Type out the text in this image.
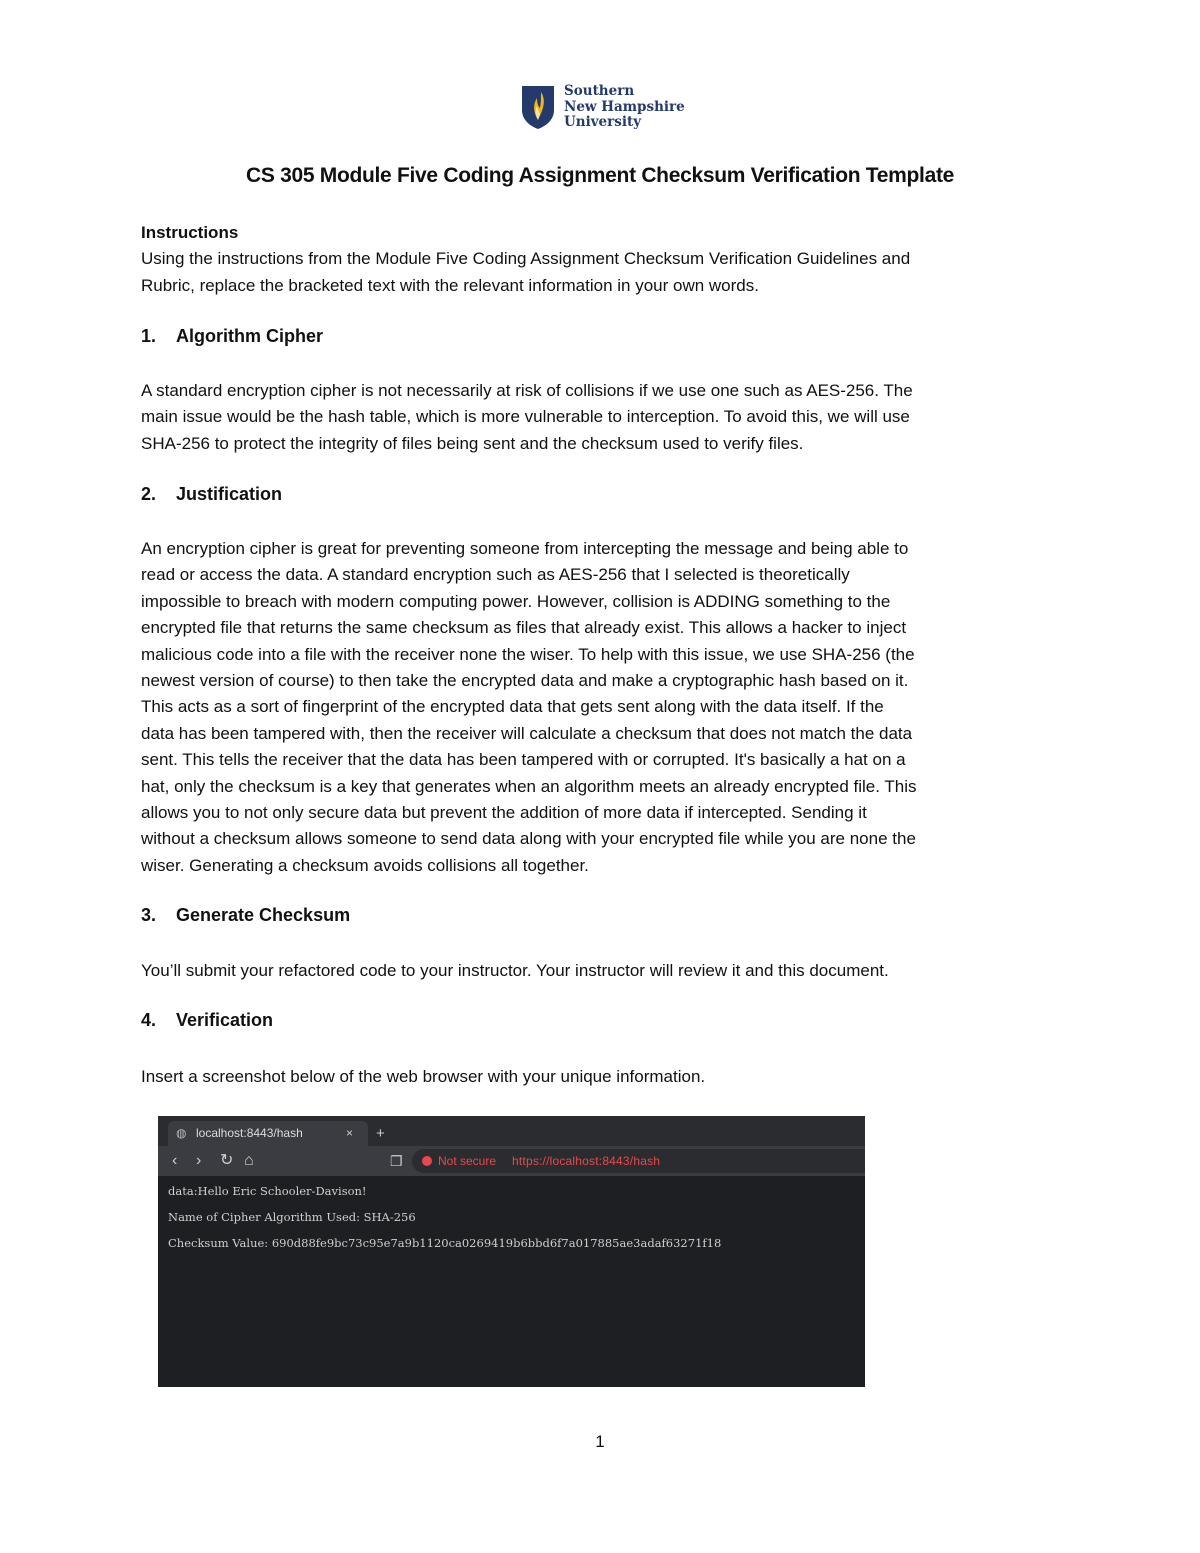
Southern
New Hampshire
University
CS 305 Module Five Coding Assignment Checksum Verification Template

Instructions

Using the instructions from the Module Five Coding Assignment Checksum Verification Guidelines and

Rubric, replace the bracketed text with the relevant information in your own words.

1. Algorithm Cipher

A standard encryption cipher is not necessarily at risk of collisions if we use one such as AES-256. The

main issue would be the hash table, which is more vulnerable to interception. To avoid this, we will use

SHA-256 to protect the integrity of files being sent and the checksum used to verify files.

2. Justification

An encryption cipher is great for preventing someone from intercepting the message and being able to

read or access the data. A standard encryption such as AES-256 that I selected is theoretically

impossible to breach with modern computing power. However, collision is ADDING something to the

encrypted file that returns the same checksum as files that already exist. This allows a hacker to inject

malicious code into a file with the receiver none the wiser. To help with this issue, we use SHA-256 (the

newest version of course) to then take the encrypted data and make a cryptographic hash based on it.

This acts as a sort of fingerprint of the encrypted data that gets sent along with the data itself. If the

data has been tampered with, then the receiver will calculate a checksum that does not match the data

sent. This tells the receiver that the data has been tampered with or corrupted. It's basically a hat on a

hat, only the checksum is a key that generates when an algorithm meets an already encrypted file. This

allows you to not only secure data but prevent the addition of more data if intercepted. Sending it

without a checksum allows someone to send data along with your encrypted file while you are none the

wiser. Generating a checksum avoids collisions all together.

3. Generate Checksum

You’ll submit your refactored code to your instructor. Your instructor will review it and this document.

4. Verification

Insert a screenshot below of the web browser with your unique information.

◍ localhost:8443/hash	× +
‹ › ↻ ⌂	❐	Not secure https://localhost:8443/hash

data:Hello Eric Schooler-Davison!

Name of Cipher Algorithm Used: SHA-256

Checksum Value: 690d88fe9bc73c95e7a9b1120ca0269419b6bbd6f7a017885ae3adaf63271f18

1
